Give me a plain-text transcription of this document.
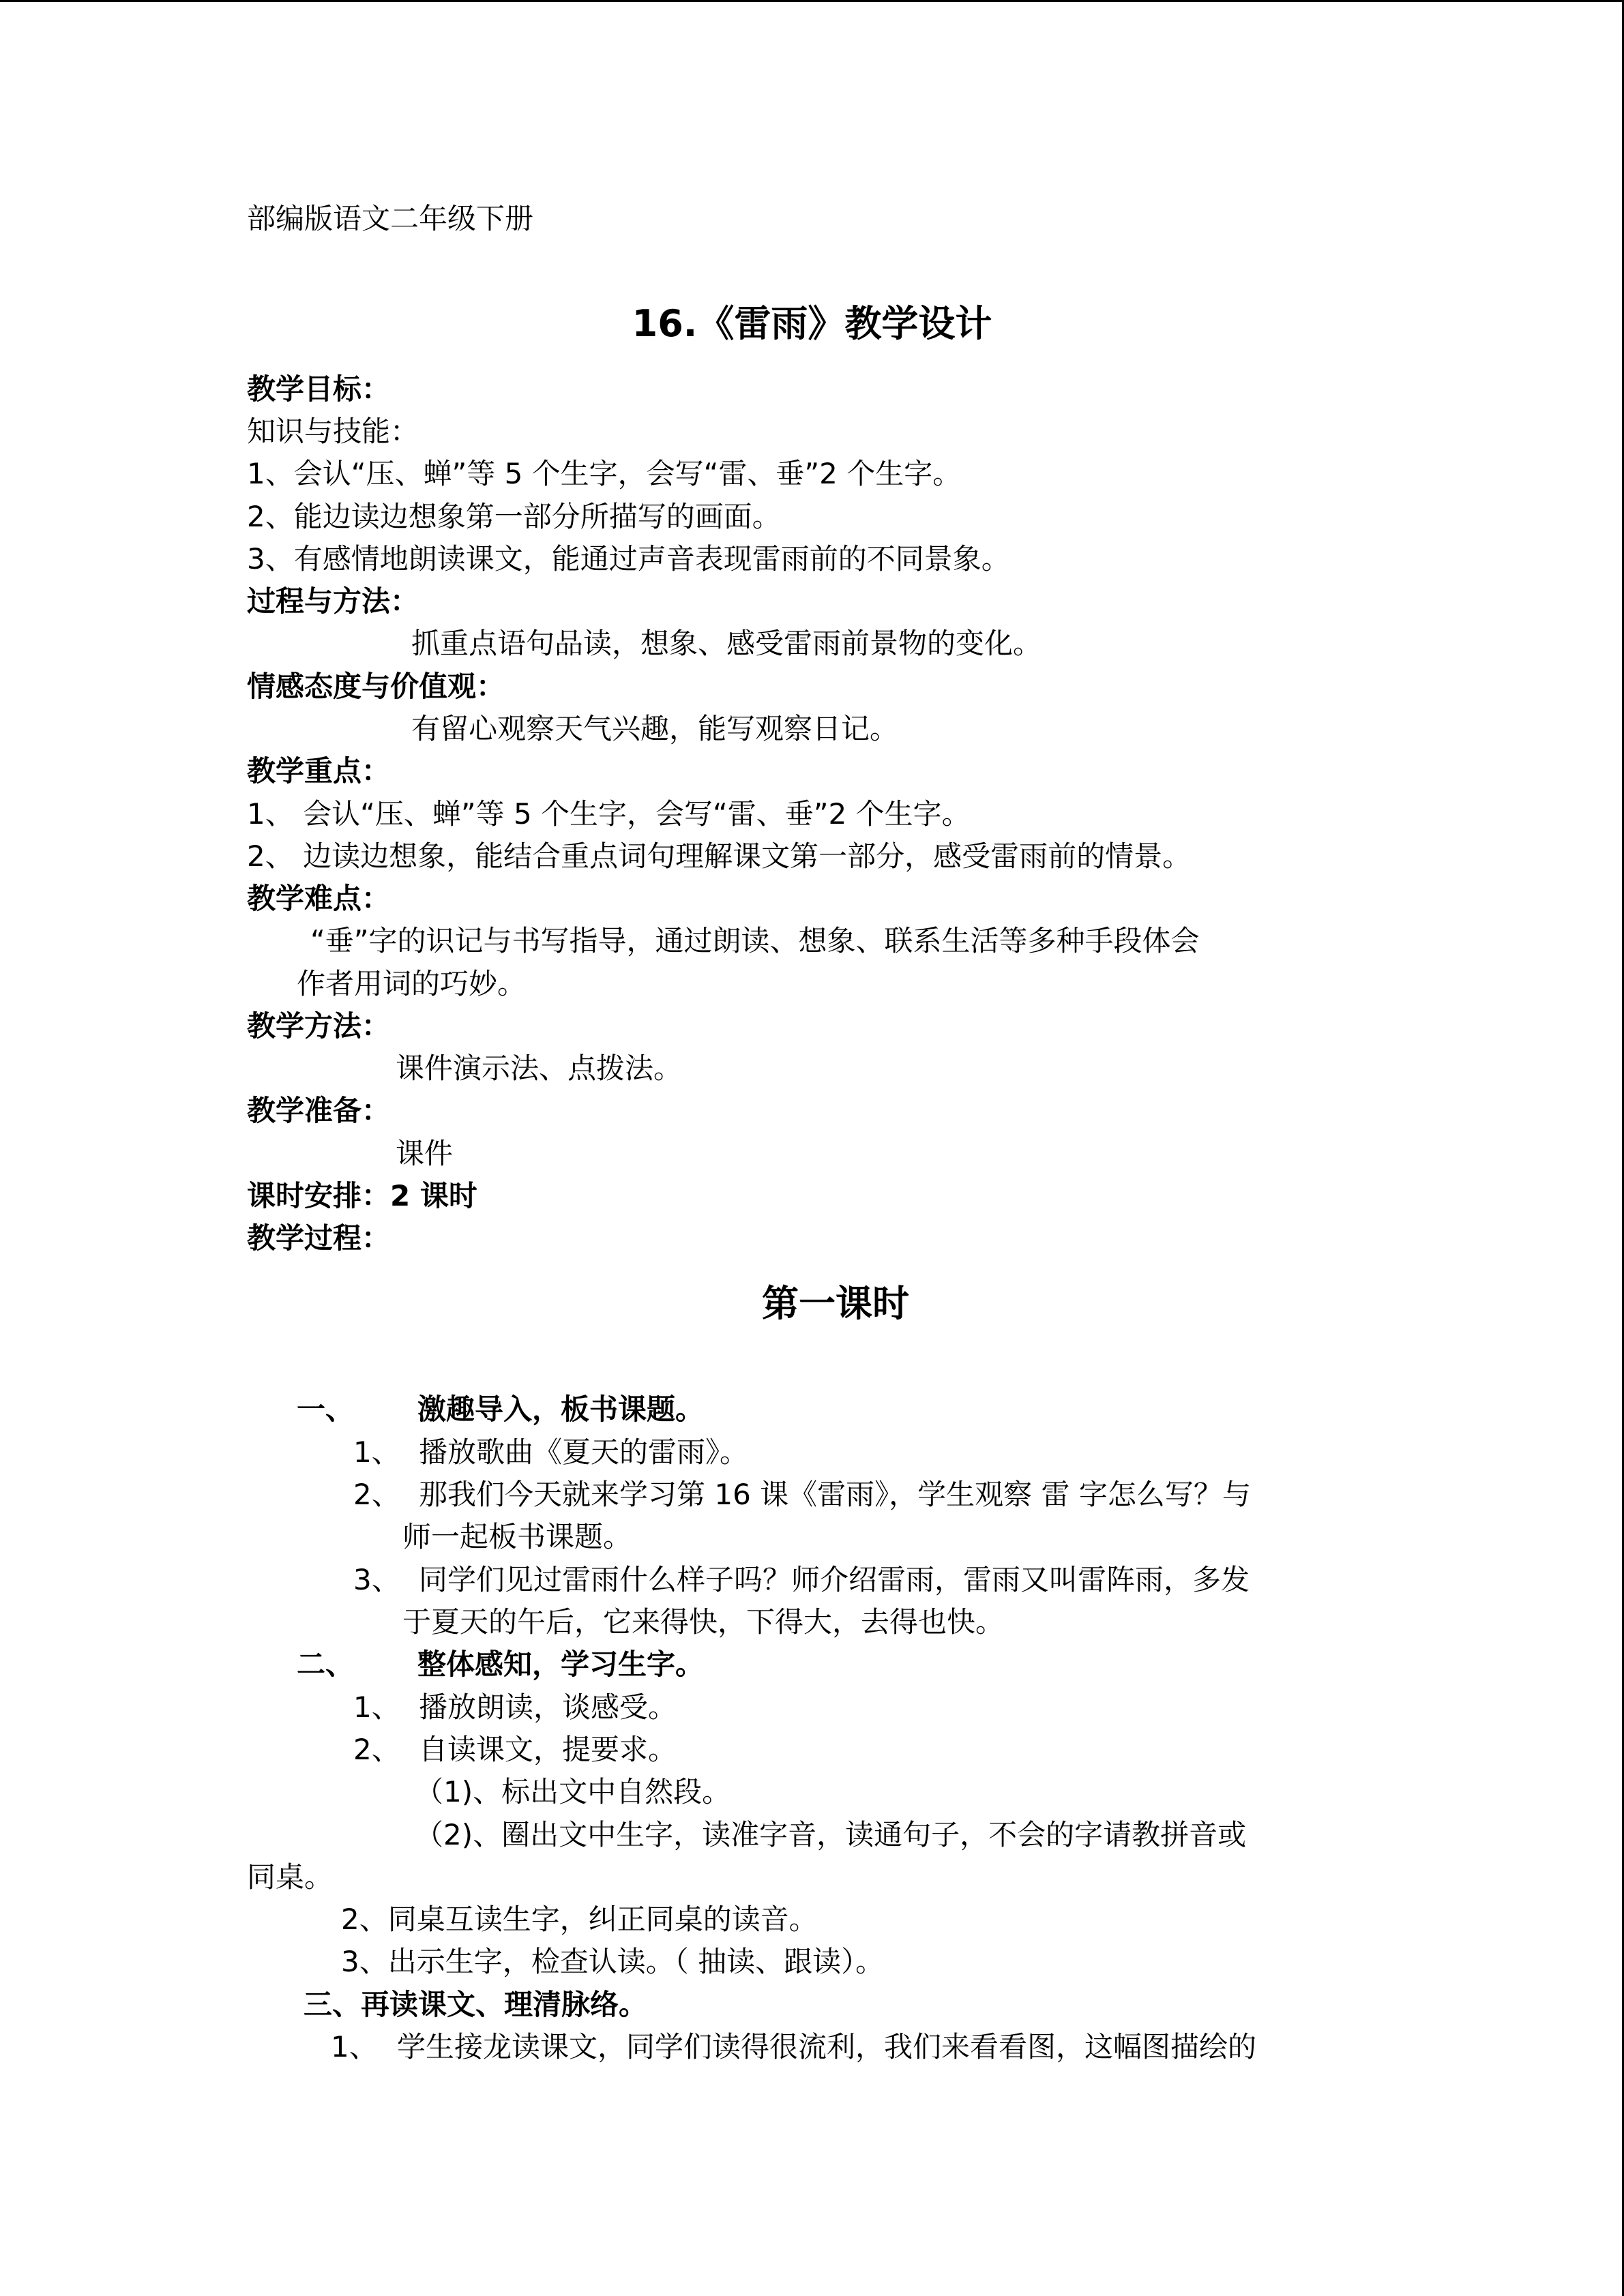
部编版语文二年级下册
16.《雷雨》教学设计
教学目标：
知识与技能：
1、会认“压、蝉”等 5 个生字，会写“雷、垂”2 个生字。
2、能边读边想象第一部分所描写的画面。
3、有感情地朗读课文，能通过声音表现雷雨前的不同景象。
过程与方法：
抓重点语句品读，想象、感受雷雨前景物的变化。
情感态度与价值观：
有留心观察天气兴趣，能写观察日记。
教学重点：
1、 会认“压、蝉”等 5 个生字，会写“雷、垂”2 个生字。
2、 边读边想象，能结合重点词句理解课文第一部分，感受雷雨前的情景。
教学难点：
“垂”字的识记与书写指导，通过朗读、想象、联系生活等多种手段体会
作者用词的巧妙。
教学方法：
课件演示法、点拨法。
教学准备：
课件
课时安排：2 课时
教学过程：
第一课时
一、 激趣导入，板书课题。
1、 播放歌曲《夏天的雷雨》。
2、 那我们今天就来学习第 16 课《雷雨》，学生观察 雷 字怎么写？与
师一起板书课题。
3、 同学们见过雷雨什么样子吗？师介绍雷雨，雷雨又叫雷阵雨，多发
于夏天的午后，它来得快，下得大，去得也快。
二、 整体感知，学习生字。
1、 播放朗读，谈感受。
2、 自读课文，提要求。
（1)、标出文中自然段。
（2)、圈出文中生字，读准字音，读通句子，不会的字请教拼音或
同桌。
2、同桌互读生字，纠正同桌的读音。
3、出示生字，检查认读。（ 抽读、跟读）。
三、再读课文、理清脉络。
1、 学生接龙读课文，同学们读得很流利，我们来看看图，这幅图描绘的
